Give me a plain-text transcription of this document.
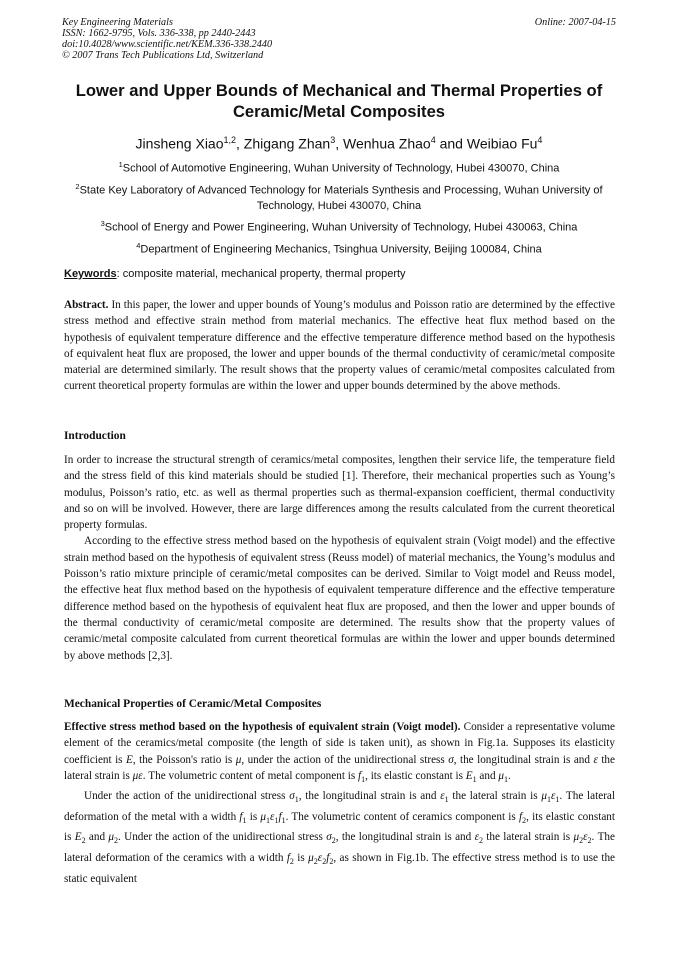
Key Engineering Materials
ISSN: 1662-9795, Vols. 336-338, pp 2440-2443
doi:10.4028/www.scientific.net/KEM.336-338.2440
© 2007 Trans Tech Publications Ltd, Switzerland
Online: 2007-04-15
Lower and Upper Bounds of Mechanical and Thermal Properties of Ceramic/Metal Composites
Jinsheng Xiao$^{1,2}$, Zhigang Zhan$^3$, Wenhua Zhao$^4$ and Weibiao Fu$^4$

$^1$School of Automotive Engineering, Wuhan University of Technology, Hubei 430070, China

$^2$State Key Laboratory of Advanced Technology for Materials Synthesis and Processing, Wuhan University of Technology, Hubei 430070, China

$^3$School of Energy and Power Engineering, Wuhan University of Technology, Hubei 430063, China

$^4$Department of Engineering Mechanics, Tsinghua University, Beijing 100084, China

Keywords: composite material, mechanical property, thermal property

Abstract. In this paper, the lower and upper bounds of Young’s modulus and Poisson ratio are determined by the effective stress method and effective strain method from material mechanics. The effective heat flux method based on the hypothesis of equivalent temperature difference and the effective temperature difference method based on the hypothesis of equivalent heat flux are proposed, the lower and upper bounds of the thermal conductivity of ceramic/metal composite material are determined similarly. The result shows that the property values of ceramic/metal composites calculated from current theoretical property formulas are within the lower and upper bounds determined by the above methods.

Introduction

In order to increase the structural strength of ceramics/metal composites, lengthen their service life, the temperature field and the stress field of this kind materials should be studied [1]. Therefore, their mechanical properties such as Young’s modulus, Poisson’s ratio, etc. as well as thermal properties such as thermal-expansion coefficient, thermal conductivity and so on will be involved. However, there are large differences among the results calculated from the current theoretical property formulas.

According to the effective stress method based on the hypothesis of equivalent strain (Voigt model) and the effective strain method based on the hypothesis of equivalent stress (Reuss model) of material mechanics, the Young’s modulus and Poisson’s ratio mixture principle of ceramic/metal composites can be derived. Similar to Voigt model and Reuss model, the effective heat flux method based on the hypothesis of equivalent temperature difference and the effective temperature difference method based on the hypothesis of equivalent heat flux are proposed, and then the lower and upper bounds of the thermal conductivity of ceramic/metal composite are determined. The results show that the property values of ceramic/metal composite calculated from current theoretical formulas are within the lower and upper bounds determined by above methods [2,3].

Mechanical Properties of Ceramic/Metal Composites

Effective stress method based on the hypothesis of equivalent strain (Voigt model). Consider a representative volume element of the ceramics/metal composite (the length of side is taken unit), as shown in Fig.1a. Supposes its elasticity coefficient is E, the Poisson's ratio is μ, under the action of the unidirectional stress σ, the longitudinal strain is and ε the lateral strain is με. The volumetric content of metal component is $f_1$, its elastic constant is $E_1$ and $\mu_1$.

Under the action of the unidirectional stress $\sigma_1$, the longitudinal strain is and $\varepsilon_1$ the lateral strain is $\mu_1\varepsilon_1$. The lateral deformation of the metal with a width $f_1$ is $\mu_1\varepsilon_1f_1$. The volumetric content of ceramics component is $f_2$, its elastic constant is $E_2$ and $\mu_2$. Under the action of the unidirectional stress $\sigma_2$, the longitudinal strain is and $\varepsilon_2$ the lateral strain is $\mu_2\varepsilon_2$. The lateral deformation of the ceramics with a width $f_2$ is $\mu_2\varepsilon_2f_2$, as shown in Fig.1b. The effective stress method is to use the static equivalent
